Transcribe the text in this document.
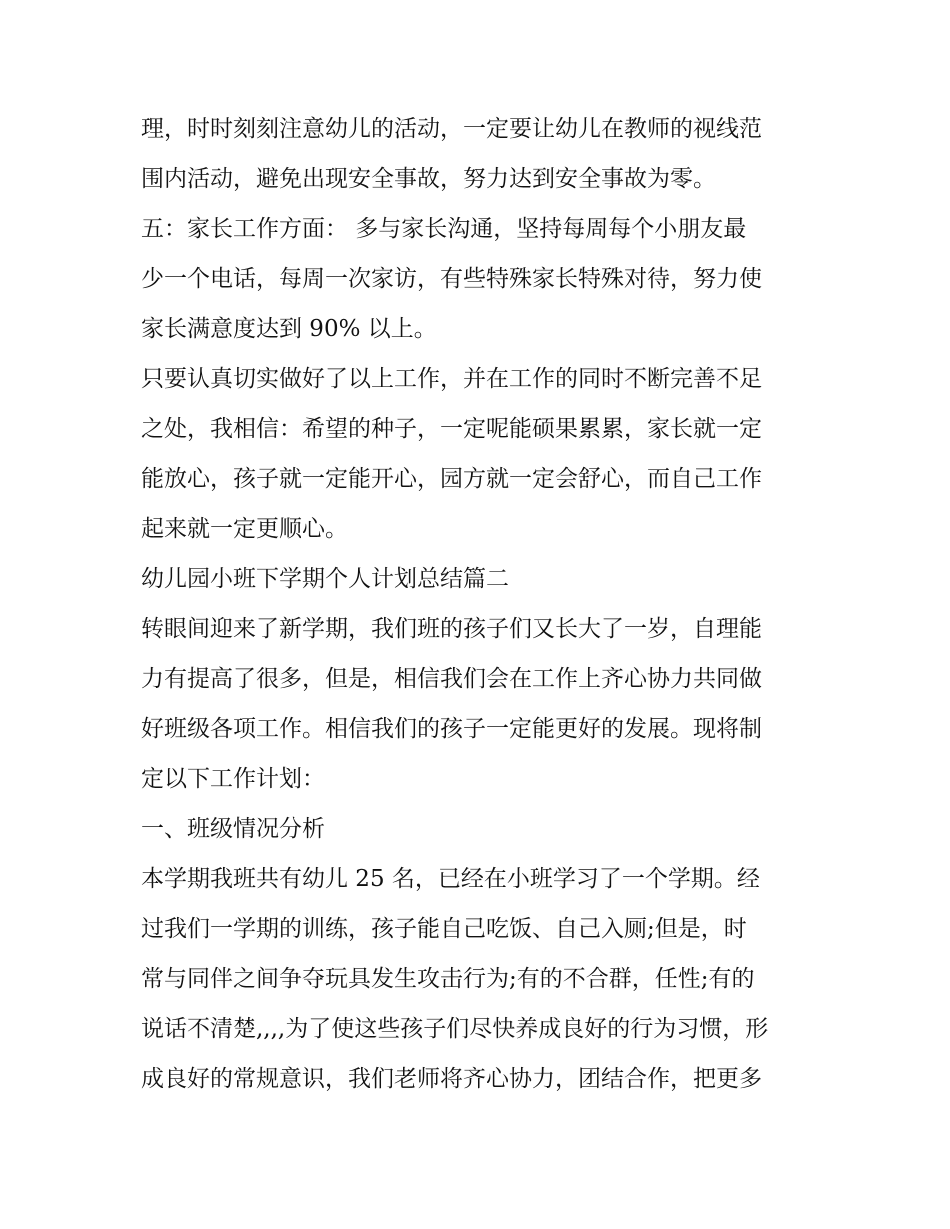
理，时时刻刻注意幼儿的活动，一定要让幼儿在教师的视线范
围内活动，避免出现安全事故，努力达到安全事故为零。
五：家长工作方面： 多与家长沟通，坚持每周每个小朋友最
少一个电话，每周一次家访，有些特殊家长特殊对待，努力使
家长满意度达到 90% 以上。
只要认真切实做好了以上工作，并在工作的同时不断完善不足
之处，我相信：希望的种子，一定呢能硕果累累，家长就一定
能放心，孩子就一定能开心，园方就一定会舒心，而自己工作
起来就一定更顺心。
幼儿园小班下学期个人计划总结篇二
转眼间迎来了新学期，我们班的孩子们又长大了一岁，自理能
力有提高了很多，但是，相信我们会在工作上齐心协力共同做
好班级各项工作。相信我们的孩子一定能更好的发展。现将制
定以下工作计划：
一、班级情况分析
本学期我班共有幼儿 25 名，已经在小班学习了一个学期。经
过我们一学期的训练，孩子能自己吃饭、自己入厕;但是，时
常与同伴之间争夺玩具发生攻击行为;有的不合群，任性;有的
说话不清楚,,,,为了使这些孩子们尽快养成良好的行为习惯，形
成良好的常规意识，我们老师将齐心协力，团结合作，把更多
